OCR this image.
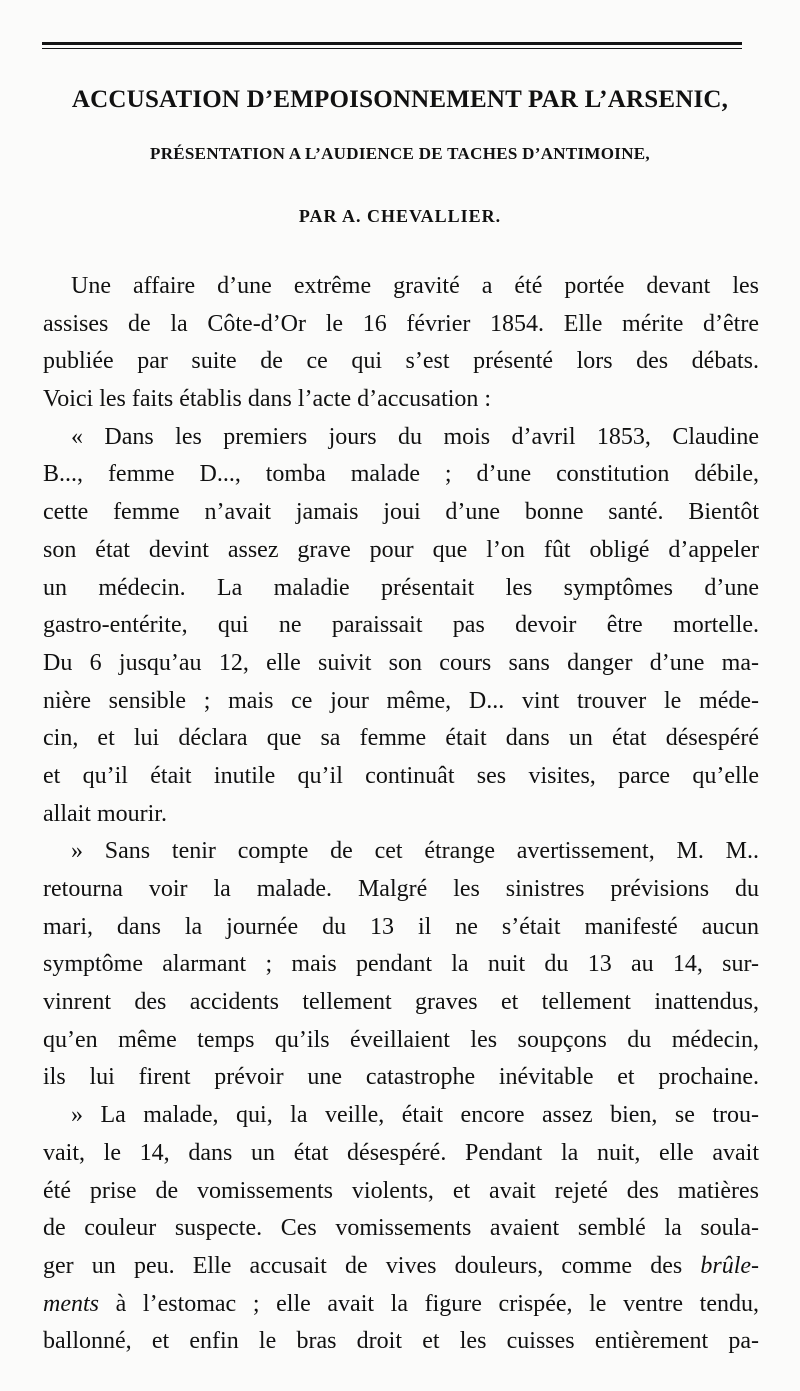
ACCUSATION D’EMPOISONNEMENT PAR L’ARSENIC,
PRÉSENTATION A L’AUDIENCE DE TACHES D’ANTIMOINE,
PAR A. CHEVALLIER.
Une affaire d’une extrême gravité a été portée devant les
assises de la Côte-d’Or le 16 février 1854. Elle mérite d’être
publiée par suite de ce qui s’est présenté lors des débats.
Voici les faits établis dans l’acte d’accusation :
« Dans les premiers jours du mois d’avril 1853, Claudine
B..., femme D..., tomba malade ; d’une constitution débile,
cette femme n’avait jamais joui d’une bonne santé. Bientôt
son état devint assez grave pour que l’on fût obligé d’appeler
un médecin. La maladie présentait les symptômes d’une
gastro-entérite, qui ne paraissait pas devoir être mortelle.
Du 6 jusqu’au 12, elle suivit son cours sans danger d’une ma-
nière sensible ; mais ce jour même, D... vint trouver le méde-
cin, et lui déclara que sa femme était dans un état désespéré
et qu’il était inutile qu’il continuât ses visites, parce qu’elle
allait mourir.
» Sans tenir compte de cet étrange avertissement, M. M..
retourna voir la malade. Malgré les sinistres prévisions du
mari, dans la journée du 13 il ne s’était manifesté aucun
symptôme alarmant ; mais pendant la nuit du 13 au 14, sur-
vinrent des accidents tellement graves et tellement inattendus,
qu’en même temps qu’ils éveillaient les soupçons du médecin,
ils lui firent prévoir une catastrophe inévitable et prochaine.
» La malade, qui, la veille, était encore assez bien, se trou-
vait, le 14, dans un état désespéré. Pendant la nuit, elle avait
été prise de vomissements violents, et avait rejeté des matières
de couleur suspecte. Ces vomissements avaient semblé la soula-
ger un peu. Elle accusait de vives douleurs, comme des brûle-
ments à l’estomac ; elle avait la figure crispée, le ventre tendu,
ballonné, et enfin le bras droit et les cuisses entièrement pa-
